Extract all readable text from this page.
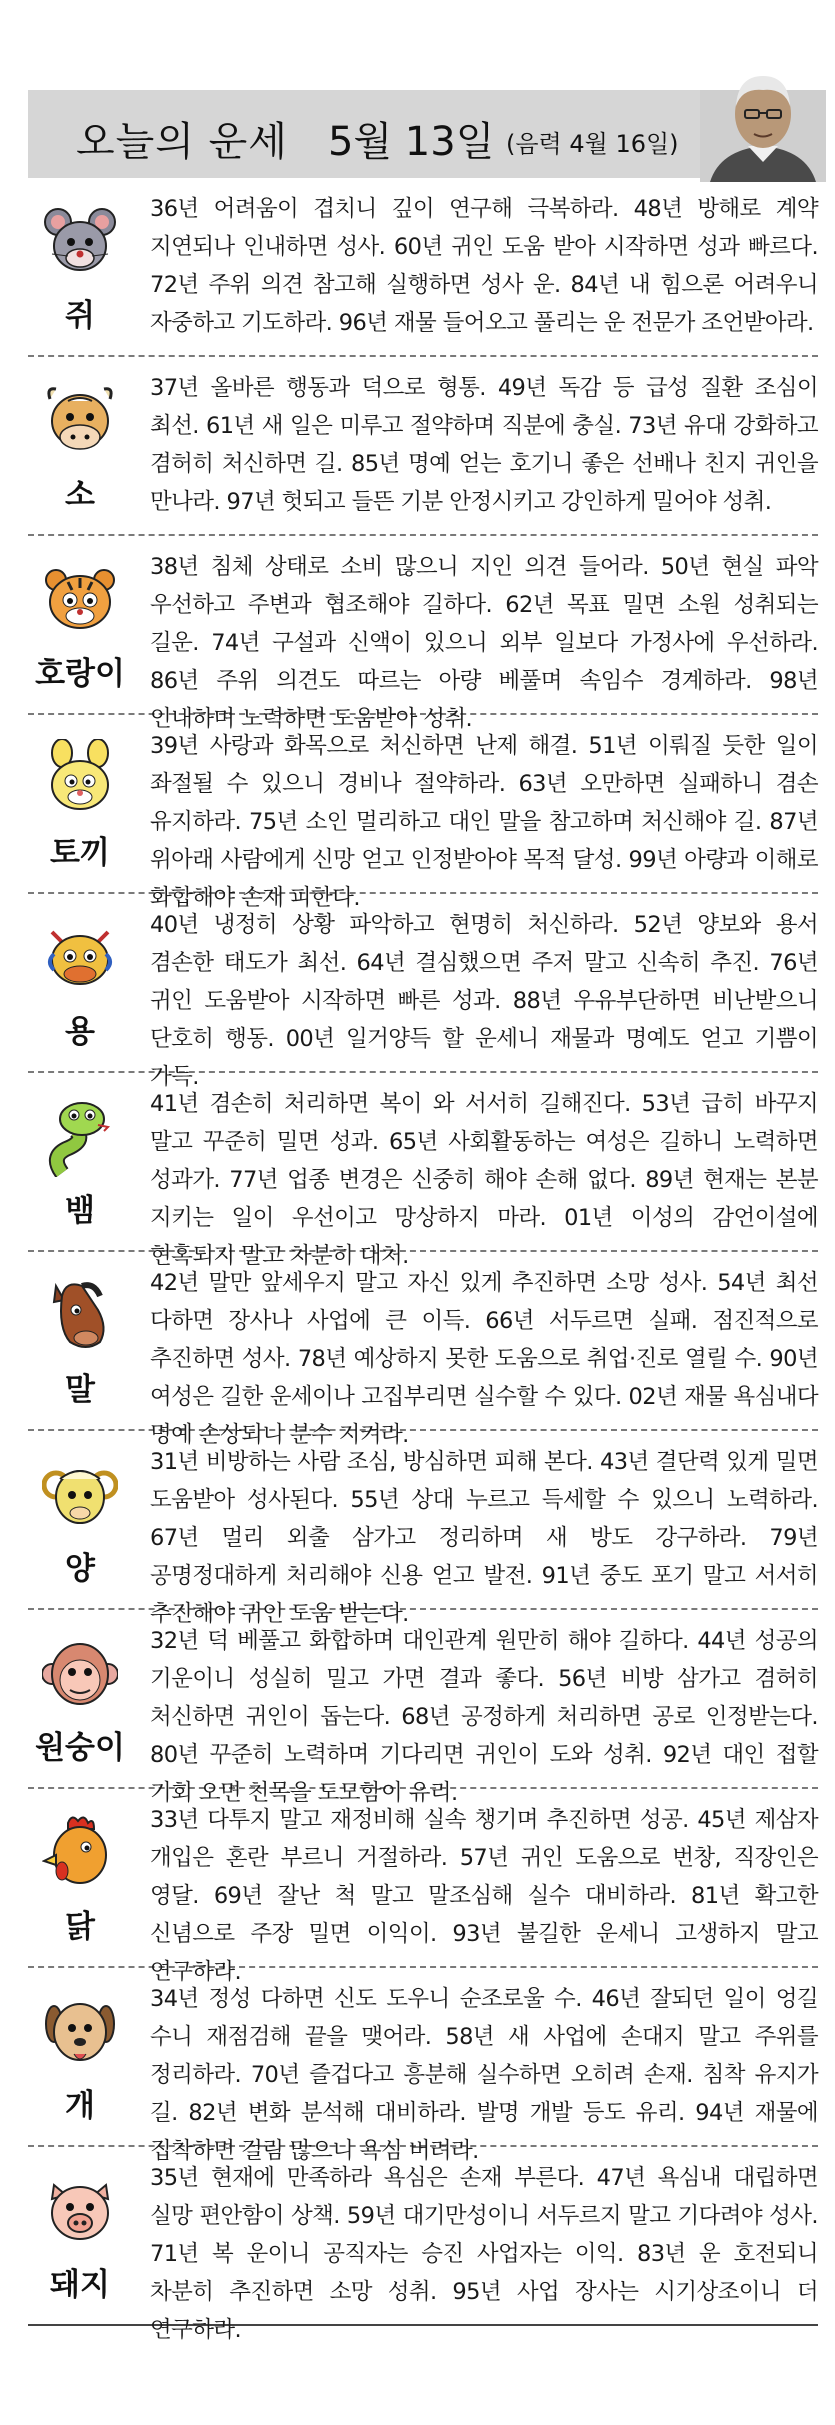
오늘의 운세 5월 13일 (음력 4월 16일)
쥐
36년 어려움이 겹치니 깊이 연구해 극복하라. 48년 방해로 계약 지연되나 인내하면 성사. 60년 귀인 도움 받아 시작하면 성과 빠르다. 72년 주위 의견 참고해 실행하면 성사 운. 84년 내 힘으론 어려우니 자중하고 기도하라. 96년 재물 들어오고 풀리는 운 전문가 조언받아라.
소
37년 올바른 행동과 덕으로 형통. 49년 독감 등 급성 질환 조심이 최선. 61년 새 일은 미루고 절약하며 직분에 충실. 73년 유대 강화하고 겸허히 처신하면 길. 85년 명예 얻는 호기니 좋은 선배나 친지 귀인을 만나라. 97년 헛되고 들뜬 기분 안정시키고 강인하게 밀어야 성취.
호랑이
38년 침체 상태로 소비 많으니 지인 의견 들어라. 50년 현실 파악 우선하고 주변과 협조해야 길하다. 62년 목표 밀면 소원 성취되는 길운. 74년 구설과 신액이 있으니 외부 일보다 가정사에 우선하라. 86년 주위 의견도 따르는 아량 베풀며 속임수 경계하라. 98년 인내하며 노력하면 도움받아 성취.
토끼
39년 사랑과 화목으로 처신하면 난제 해결. 51년 이뤄질 듯한 일이 좌절될 수 있으니 경비나 절약하라. 63년 오만하면 실패하니 겸손 유지하라. 75년 소인 멀리하고 대인 말을 참고하며 처신해야 길. 87년 위아래 사람에게 신망 얻고 인정받아야 목적 달성. 99년 아량과 이해로 화합해야 손재 피한다.
용
40년 냉정히 상황 파악하고 현명히 처신하라. 52년 양보와 용서 겸손한 태도가 최선. 64년 결심했으면 주저 말고 신속히 추진. 76년 귀인 도움받아 시작하면 빠른 성과. 88년 우유부단하면 비난받으니 단호히 행동. 00년 일거양득 할 운세니 재물과 명예도 얻고 기쁨이 가득.
뱀
41년 겸손히 처리하면 복이 와 서서히 길해진다. 53년 급히 바꾸지 말고 꾸준히 밀면 성과. 65년 사회활동하는 여성은 길하니 노력하면 성과가. 77년 업종 변경은 신중히 해야 손해 없다. 89년 현재는 본분 지키는 일이 우선이고 망상하지 마라. 01년 이성의 감언이설에 현혹되지 말고 차분히 대처.
말
42년 말만 앞세우지 말고 자신 있게 추진하면 소망 성사. 54년 최선 다하면 장사나 사업에 큰 이득. 66년 서두르면 실패. 점진적으로 추진하면 성사. 78년 예상하지 못한 도움으로 취업·진로 열릴 수. 90년 여성은 길한 운세이나 고집부리면 실수할 수 있다. 02년 재물 욕심내다 명예 손상되니 분수 지켜라.
양
31년 비방하는 사람 조심, 방심하면 피해 본다. 43년 결단력 있게 밀면 도움받아 성사된다. 55년 상대 누르고 득세할 수 있으니 노력하라. 67년 멀리 외출 삼가고 정리하며 새 방도 강구하라. 79년 공명정대하게 처리해야 신용 얻고 발전. 91년 중도 포기 말고 서서히 추진해야 귀인 도움 받는다.
원숭이
32년 덕 베풀고 화합하며 대인관계 원만히 해야 길하다. 44년 성공의 기운이니 성실히 밀고 가면 결과 좋다. 56년 비방 삼가고 겸허히 처신하면 귀인이 돕는다. 68년 공정하게 처리하면 공로 인정받는다. 80년 꾸준히 노력하며 기다리면 귀인이 도와 성취. 92년 대인 접할 기회 오면 친목을 도모함이 유리.
닭
33년 다투지 말고 재정비해 실속 챙기며 추진하면 성공. 45년 제삼자 개입은 혼란 부르니 거절하라. 57년 귀인 도움으로 번창, 직장인은 영달. 69년 잘난 척 말고 말조심해 실수 대비하라. 81년 확고한 신념으로 주장 밀면 이익이. 93년 불길한 운세니 고생하지 말고 연구하라.
개
34년 정성 다하면 신도 도우니 순조로울 수. 46년 잘되던 일이 엉길 수니 재점검해 끝을 맺어라. 58년 새 사업에 손대지 말고 주위를 정리하라. 70년 즐겁다고 흥분해 실수하면 오히려 손재. 침착 유지가 길. 82년 변화 분석해 대비하라. 발명 개발 등도 유리. 94년 재물에 집착하면 걸림 많으니 욕심 버려라.
돼지
35년 현재에 만족하라 욕심은 손재 부른다. 47년 욕심내 대립하면 실망 편안함이 상책. 59년 대기만성이니 서두르지 말고 기다려야 성사. 71년 복 운이니 공직자는 승진 사업자는 이익. 83년 운 호전되니 차분히 추진하면 소망 성취. 95년 사업 장사는 시기상조이니 더 연구하라.
